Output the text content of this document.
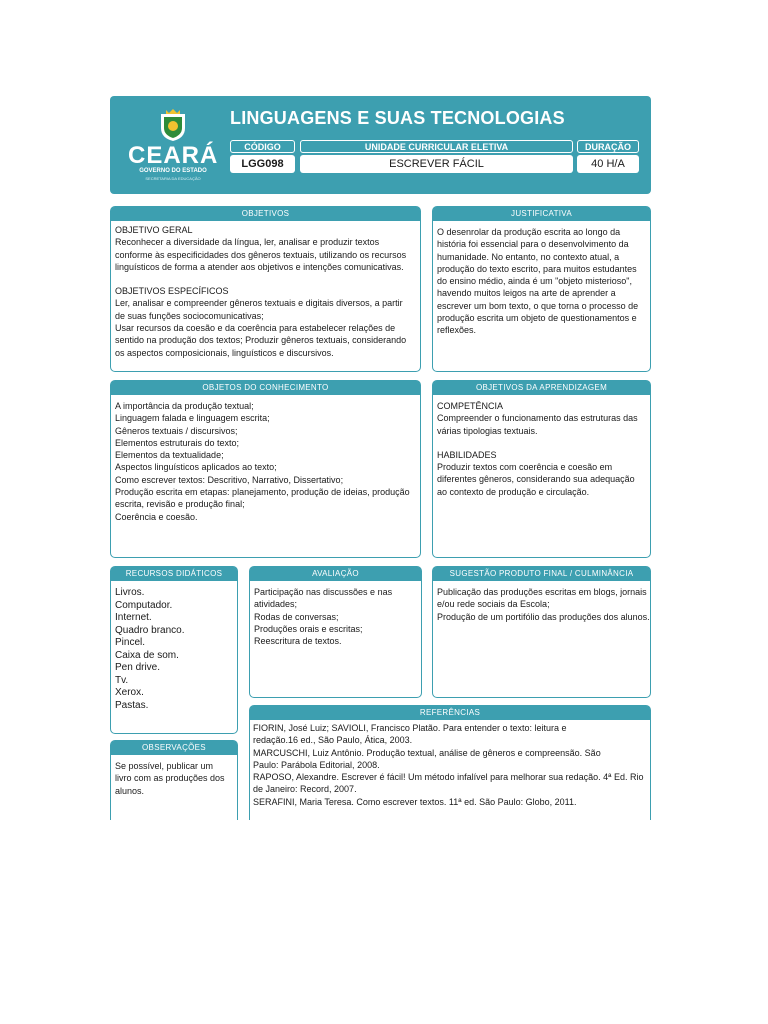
CEARÁ
GOVERNO DO ESTADO
SECRETARIA DA EDUCAÇÃO
LINGUAGENS E SUAS TECNOLOGIAS
CÓDIGO	UNIDADE CURRICULAR ELETIVA	DURAÇÃO
LGG098	ESCREVER FÁCIL	40 H/A
OBJETIVOS
OBJETIVO GERAL
Reconhecer a diversidade da língua, ler, analisar e produzir textos
conforme às especificidades dos gêneros textuais, utilizando os recursos
linguísticos de forma a atender aos objetivos e intenções comunicativas.
OBJETIVOS ESPECÍFICOS
Ler, analisar e compreender gêneros textuais e digitais diversos, a partir
de suas funções sociocomunicativas;
Usar recursos da coesão e da coerência para estabelecer relações de
sentido na produção dos textos; Produzir gêneros textuais, considerando
os aspectos composicionais, linguísticos e discursivos.
JUSTIFICATIVA
O desenrolar da produção escrita ao longo da
história foi essencial para o desenvolvimento da
humanidade. No entanto, no contexto atual, a
produção do texto escrito, para muitos estudantes
do ensino médio, ainda é um "objeto misterioso",
havendo muitos leigos na arte de aprender a
escrever um bom texto, o que torna o processo de
produção escrita um objeto de questionamentos e
reflexões.
OBJETOS DO CONHECIMENTO
A importância da produção textual;
Linguagem falada e linguagem escrita;
Gêneros textuais / discursivos;
Elementos estruturais do texto;
Elementos da textualidade;
Aspectos linguísticos aplicados ao texto;
Como escrever textos: Descritivo, Narrativo, Dissertativo;
Produção escrita em etapas: planejamento, produção de ideias, produção
escrita, revisão e produção final;
Coerência e coesão.
OBJETIVOS DA APRENDIZAGEM
COMPETÊNCIA
Compreender o funcionamento das estruturas das
várias tipologias textuais.
HABILIDADES
Produzir textos com coerência e coesão em
diferentes gêneros, considerando sua adequação
ao contexto de produção e circulação.
RECURSOS DIDÁTICOS
Livros.
Computador.
Internet.
Quadro branco.
Pincel.
Caixa de som.
Pen drive.
Tv.
Xerox.
Pastas.
AVALIAÇÃO
Participação nas discussões e nas
atividades;
Rodas de conversas;
Produções orais e escritas;
Reescritura de textos.
SUGESTÃO PRODUTO FINAL / CULMINÂNCIA
Publicação das produções escritas em blogs, jornais
e/ou rede sociais da Escola;
Produção de um portifólio das produções dos alunos.
REFERÊNCIAS
FIORIN, José Luiz; SAVIOLI, Francisco Platão. Para entender o texto: leitura e
redação.16 ed., São Paulo, Ática, 2003.
MARCUSCHI, Luiz Antônio. Produção textual, análise de gêneros e compreensão. São
Paulo: Parábola Editorial, 2008.
RAPOSO, Alexandre. Escrever é fácil! Um método infalível para melhorar sua redação. 4ª Ed. Rio
de Janeiro: Record, 2007.
SERAFINI, Maria Teresa. Como escrever textos. 11ª ed. São Paulo: Globo, 2011.
OBSERVAÇÕES
Se possível, publicar um
livro com as produções dos
alunos.
